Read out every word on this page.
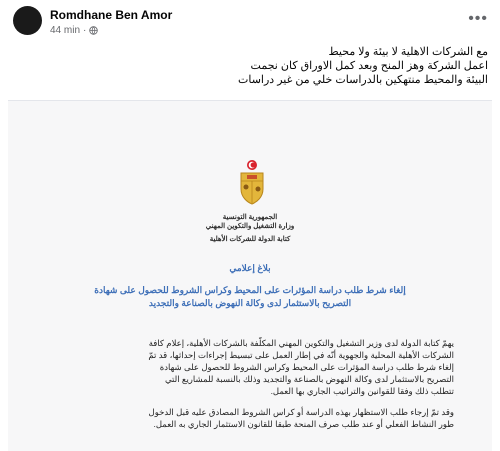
Romdhane Ben Amor
44 min ·
•••
مع الشركات الاهلية لا بيئة ولا محيط
اعمل الشركة وهز المنح وبعد كمل الاوراق كان نجمت
البيئة والمحيط منتهكين بالدراسات خلي من غير دراسات
الجمهورية التونسية
وزارة التشغيل والتكوين المهني
كتابة الدولة للشركات الأهلية
بلاغ إعلامي
إلغاء شرط طلب دراسة المؤثرات على المحيط وكراس الشروط للحصول على شهادة
التصريح بالاستثمار لدى وكالة النهوض بالصناعة والتجديد
يهمّ كتابة الدولة لدى وزير التشغيل والتكوين المهني المكلّفة بالشركات الأهلية، إعلام كافة
الشركات الأهلية المحلية والجهوية أنّه في إطار العمل على تبسيط إجراءات إحداثها، قد تمّ
إلغاء شرط طلب دراسة المؤثرات على المحيط وكراس الشروط للحصول على شهادة
التصريح بالاستثمار لدى وكالة النهوض بالصناعة والتجديد وذلك بالنسبة للمشاريع التي
تتطلب ذلك وفقا للقوانين والتراتيب الجاري بها العمل.
وقد تمّ إرجاء طلب الاستظهار بهذه الدراسة أو كراس الشروط المصادق عليه قبل الدخول
طور النشاط الفعلي أو عند طلب صرف المنحة طبقا للقانون الاستثمار الجاري به العمل.
